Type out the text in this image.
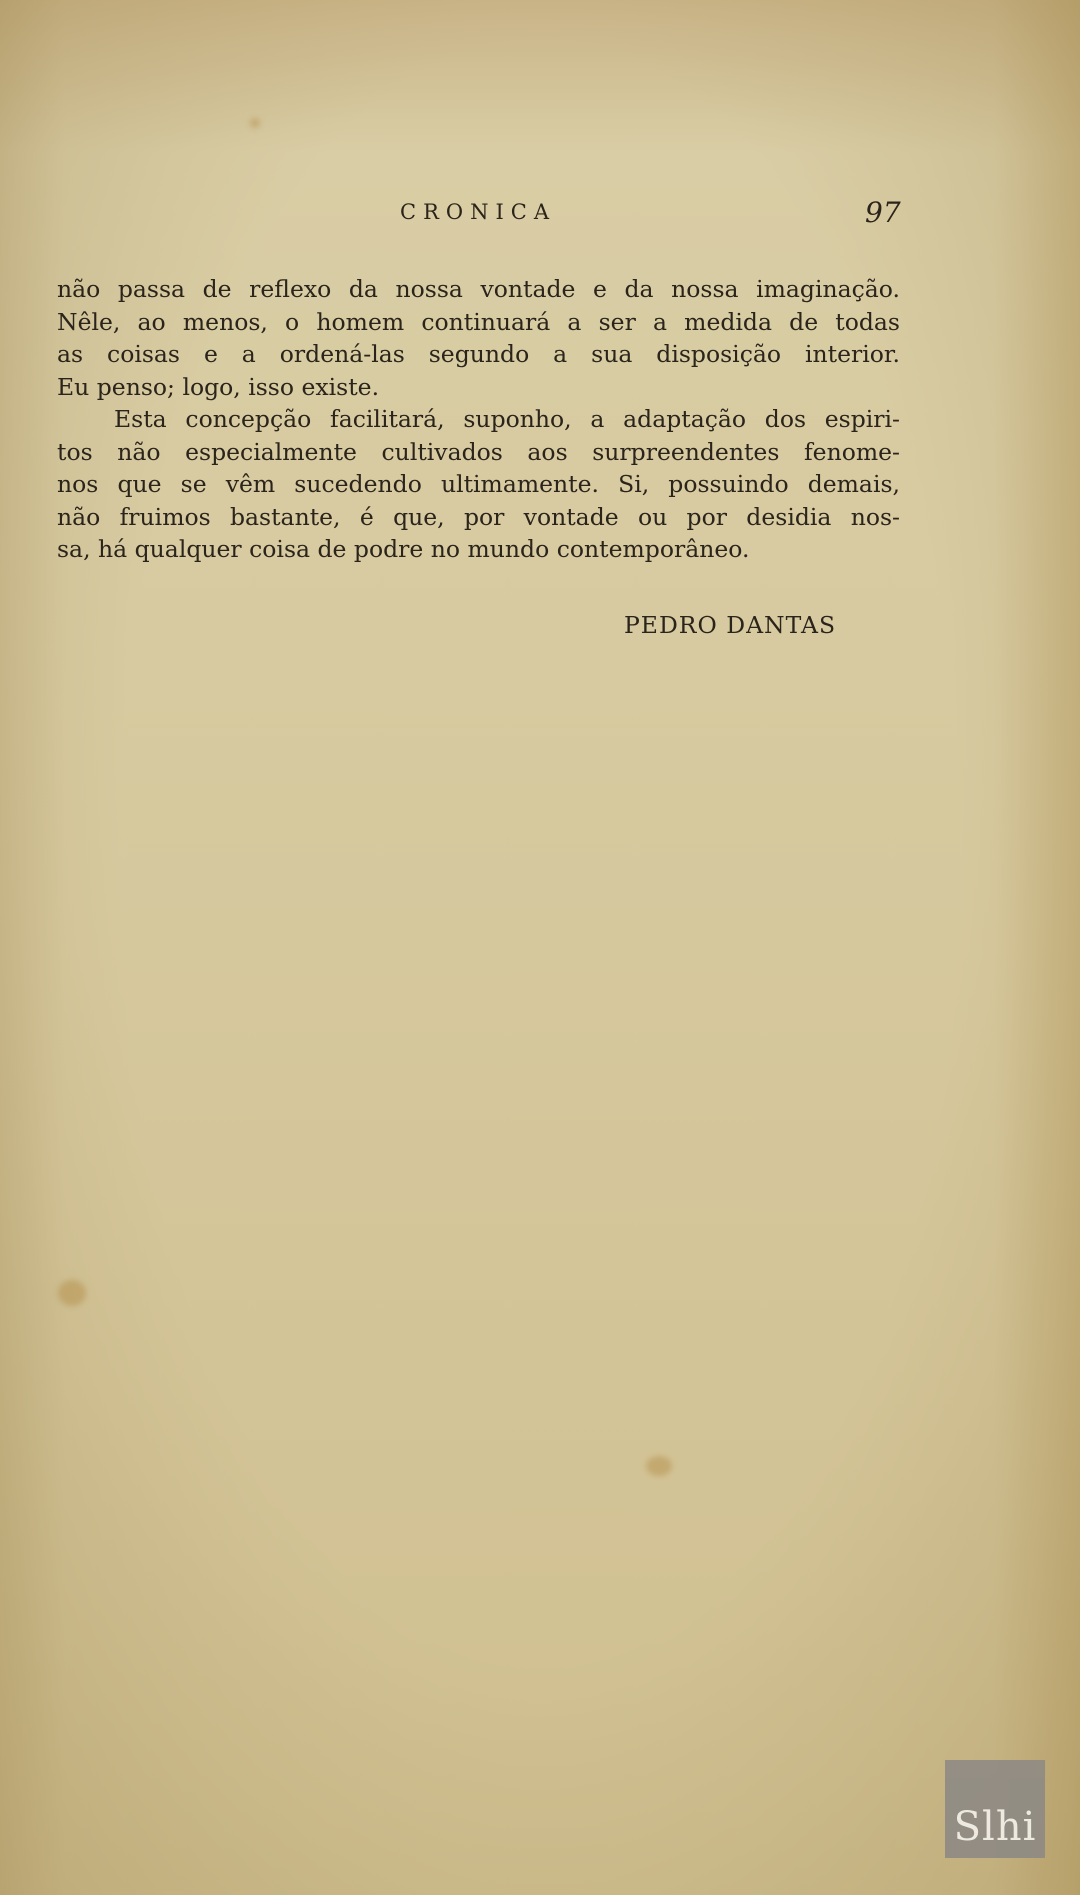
CRONICA	97
não passa de reflexo da nossa vontade e da nossa imaginação.
Nêle, ao menos, o homem continuará a ser a medida de todas
as coisas e a ordená-las segundo a sua disposição interior.
Eu penso; logo, isso existe.
Esta concepção facilitará, suponho, a adaptação dos espiri-
tos não especialmente cultivados aos surpreendentes fenome-
nos que se vêm sucedendo ultimamente. Si, possuindo demais,
não fruimos bastante, é que, por vontade ou por desidia nos-
sa, há qualquer coisa de podre no mundo contemporâneo.
PEDRO DANTAS
Slhi
